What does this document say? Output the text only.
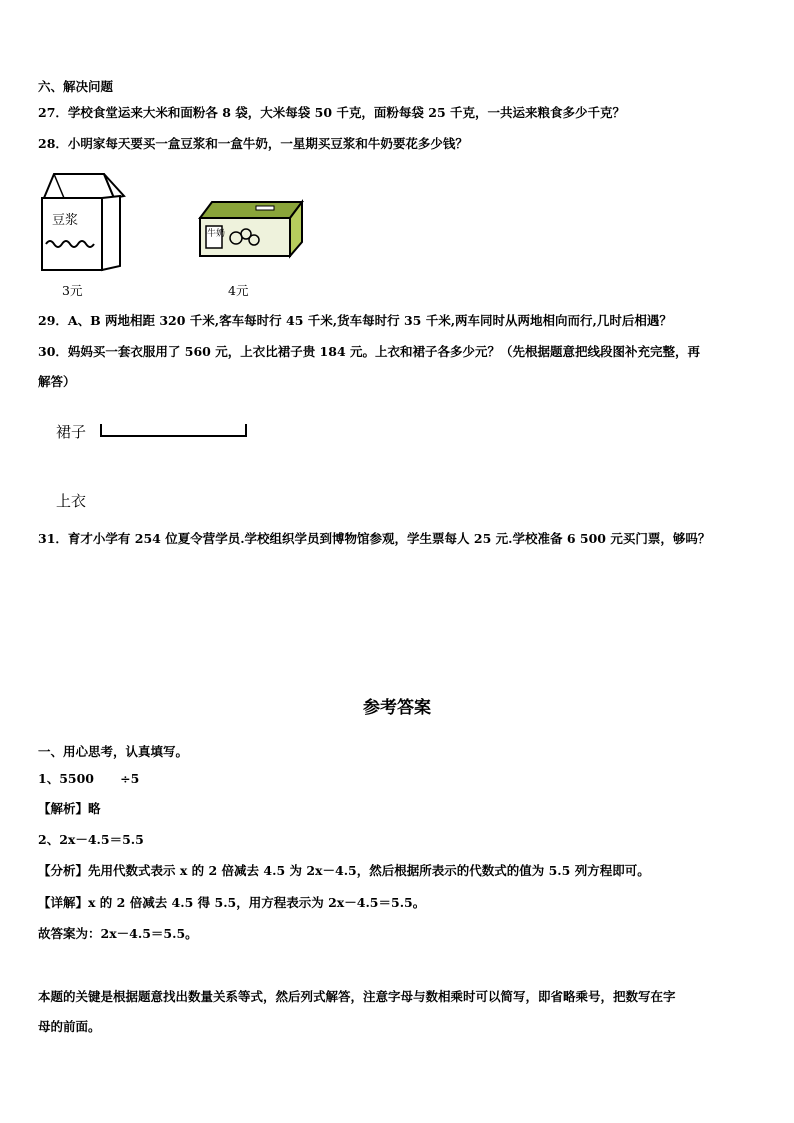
六、解决问题
27．学校食堂运来大米和面粉各 8 袋，大米每袋 50 千克，面粉每袋 25 千克，一共运来粮食多少千克？
28．小明家每天要买一盒豆浆和一盒牛奶，一星期买豆浆和牛奶要花多少钱？
豆浆
3元
牛奶
4元
29．A、B 两地相距 320 千米,客车每时行 45 千米,货车每时行 35 千米,两车同时从两地相向而行,几时后相遇？
30．妈妈买一套衣服用了 560 元，上衣比裙子贵 184 元。上衣和裙子各多少元？（先根据题意把线段图补充完整，再
解答）
裙子
上衣
31．育才小学有 254 位夏令营学员.学校组织学员到博物馆参观，学生票每人 25 元.学校准备 6 500 元买门票，够吗？
参考答案
一、用心思考，认真填写。
1、5500      ÷5
【解析】略
2、2x－4.5＝5.5
【分析】先用代数式表示 x 的 2 倍减去 4.5 为 2x－4.5，然后根据所表示的代数式的值为 5.5 列方程即可。
【详解】x 的 2 倍减去 4.5 得 5.5，用方程表示为 2x－4.5＝5.5。
故答案为：2x－4.5＝5.5。
本题的关键是根据题意找出数量关系等式，然后列式解答，注意字母与数相乘时可以简写，即省略乘号，把数写在字
母的前面。
